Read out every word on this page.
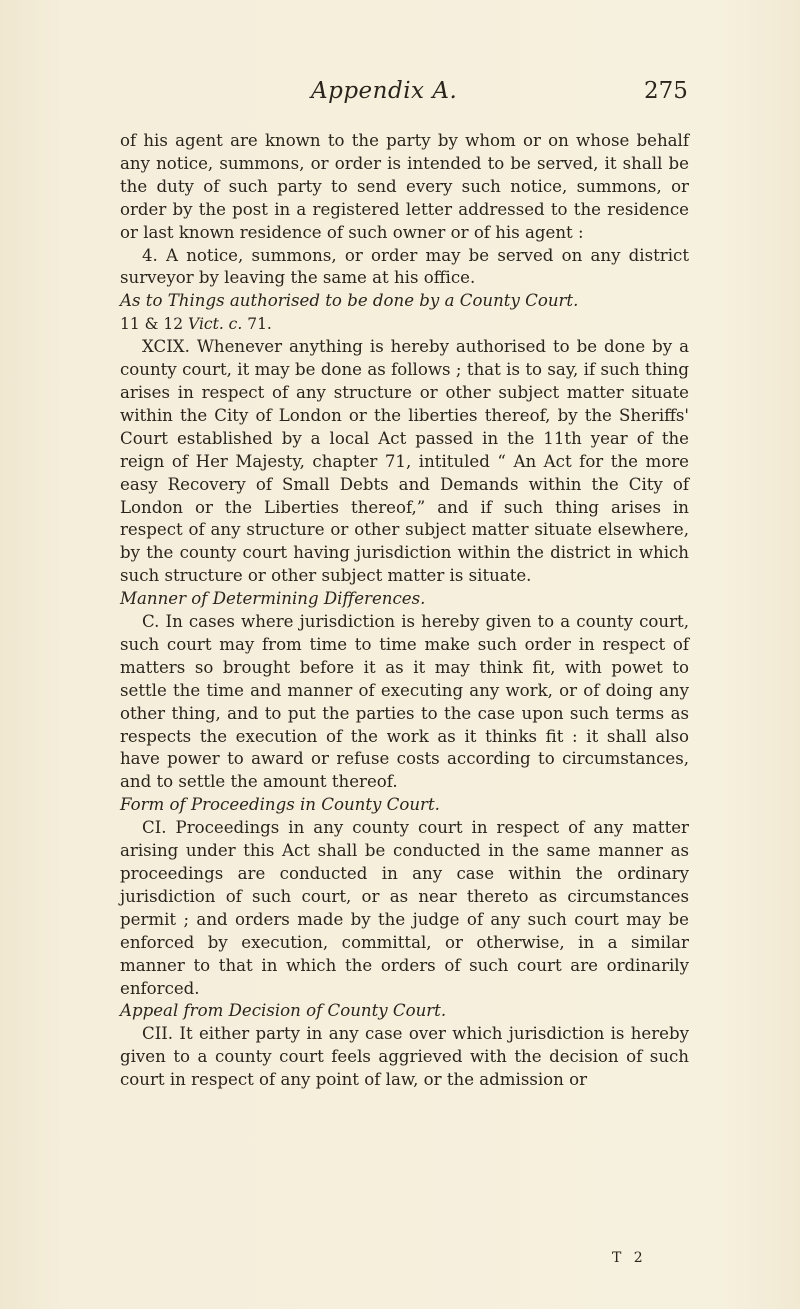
Appendix A.	275

of his agent are known to the party by whom or on whose behalf any notice, summons, or order is intended to be served, it shall be the duty of such party to send every such notice, summons, or order by the post in a registered letter addressed to the residence or last known residence of such owner or of his agent :

4. A notice, summons, or order may be served on any district surveyor by leaving the same at his office.

As to Things authorised to be done by a County Court.

11 & 12 Vict. c. 71.

XCIX. Whenever anything is hereby authorised to be done by a county court, it may be done as follows ; that is to say, if such thing arises in respect of any structure or other subject matter situate within the City of London or the liberties thereof, by the Sheriffs' Court established by a local Act passed in the 11th year of the reign of Her Majesty, chapter 71, intituled “ An Act for the more easy Recovery of Small Debts and Demands within the City of London or the Liberties thereof,” and if such thing arises in respect of any structure or other subject matter situate elsewhere, by the county court having jurisdiction within the district in which such structure or other subject matter is situate.

Manner of Determining Differences.

C. In cases where jurisdiction is hereby given to a county court, such court may from time to time make such order in respect of matters so brought before it as it may think fit, with powet to settle the time and manner of executing any work, or of doing any other thing, and to put the parties to the case upon such terms as respects the execution of the work as it thinks fit : it shall also have power to award or refuse costs according to circumstances, and to settle the amount thereof.

Form of Proceedings in County Court.

CI. Proceedings in any county court in respect of any matter arising under this Act shall be conducted in the same manner as proceedings are conducted in any case within the ordinary jurisdiction of such court, or as near thereto as circumstances permit ; and orders made by the judge of any such court may be enforced by execution, committal, or otherwise, in a similar manner to that in which the orders of such court are ordinarily enforced.

Appeal from Decision of County Court.

CII. It either party in any case over which jurisdiction is hereby given to a county court feels aggrieved with the decision of such court in respect of any point of law, or the admission or

T 2
